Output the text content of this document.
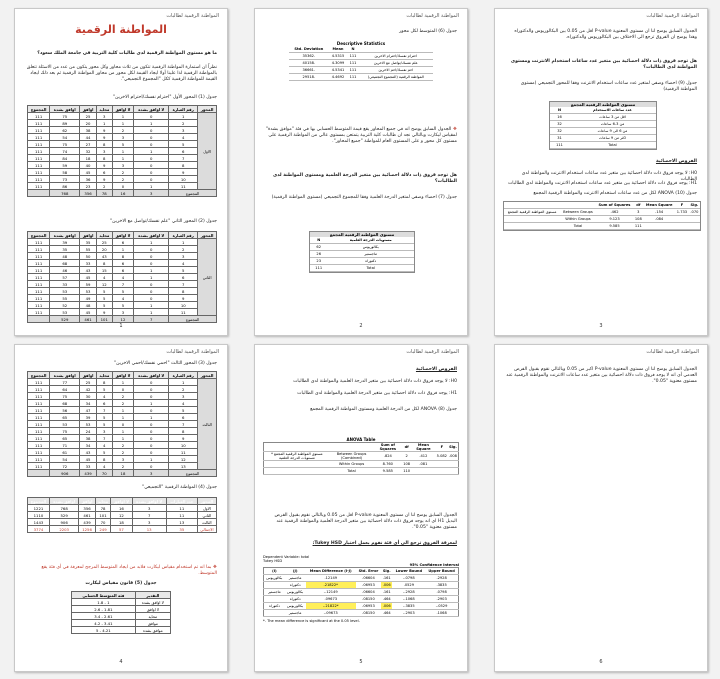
المواطنة الرقمية لطالبات
المواطنة الرقمية
ما هو مستوى المواطنة الرقمية لدى طالبات كلية التربية في جامعة الملك سعود؟
نظراً ان استمارة المواطنة الرقمية تتكون من ثلاث محاور وكل محور يتكون من عدد من الاسئلة تتعلق بالمواطنة الرقمية لذا علينا أولا ايجاد القيمة لكل محور من محاور المواطنة الرقمية ثم بعد ذلك ايجاد القيمة للمواطنة الرقمية ككل "المجموع التجميعي".
جدول (1) المحور الأول "احترام نفسك/احترام الاخرين"
المحور	رقم العبارة	لا اوافق بشدة	لا اوافق	محايد	اوافق	اوافق بشدة	المجموع
الاول	1	0	1	3	25	75	111
	2	1	1	1	20	89	111
	3	0	2	9	38	62	111
	4	0	3	9	44	54	111
	5	0	5	8	27	75	111
	6	1	1	3	32	74	111
	7	0	1	8	18	84	111
	8	0	3	9	40	59	111
	9	0	2	6	45	58	111
	10	0	2	9	36	73	111
	11	1	0	2	23	86	111
المجموع		3	16	78	356	768	
جدول (2) المحور الثاني "علم نفسك/تواصل مع الاخرين"
المحور	رقم العبارة	لا اوافق بشدة	لا اوافق	محايد	اوافق	اوافق بشدة	المجموع
الثاني	1	1	6	25	35	39	111
	2	0	1	20	55	35	111
	3	0	8	43	50	48	111
	4	0	6	8	33	68	111
	5	1	6	15	43	46	111
	6	1	4	4	45	57	111
	7	0	7	12	59	33	111
	8	0	5	5	53	53	111
	9	0	4	5	49	55	111
	10	1	5	5	48	52	111
	11	1	3	9	45	53	111
المجموع		7	12	101	461	529	
1
المواطنة الرقمية لطالبات
جدول (6) المتوسط لكل محور
Descriptive Statistics
	N	Mean	Std. Deviation
احترام نفسك/احترام الاخرين	111	4.5315	.35362
علم نفسك/تواصل مع الاخرين	111	4.3099	.40158
احم نفسك/احم الاخرين	111	4.5341	.36661
المواطنة الرقمية (المجموع التجميعي)	111	4.4692	.29518
❖ الجدول السابق يوضح انه في جميع المحاور يقع قيمة المتوسط الحسابي بها في فئة "موافق بشدة" لمقياس ليكارت وبالتالي نجد ان طالبات كلية التربية يتمتعن بمستوى عالي من المواطنة الرقمية على مستوى كل محور و على المستوى العام للمواطنة "جميع المحاور".
هل توجد فروق ذات دلالة احصائية بين متغير الدرجة العلمية ومستوى المواطنة لدى الطالبات؟
جدول (7) احصاء وصفي لمتغير الدرجة العلمية وفقا للمجموع التجميعي (مستوى المواطنة الرقمية)
مستوى المواطنة الرقمية المجمع
مستويات الدرجة العلمية	N
بكالوريوس	62
ماجستير	26
دكتوراه	23
Total	111
2
المواطنة الرقمية لطالبات
الجدول السابق يوضح لنا ان مستوى المعنوية P-value اقل من 0.05 بين البكالوريوس والدكتوراه وهذا يوضح ان الفروق ترجع الى الاختلاف بين البكالوريوس والدكتوراه.
هل توجد فروق ذات دلالة احصائية بين متغير عدد ساعات استخدام الانترنت ومستوى المواطنة لدى الطالبات؟
جدول (9) احصاء وصفي لمتغير عدد ساعات استخدام الانترنت وفقا للمحور التجميعي (مستوى المواطنة الرقمية)
مستوى المواطنة الرقمية المجمع
عدد ساعات الاستخدام	N
اقل من 3 ساعات	16
من 3-6 ساعات	32
من 6 الى 9 ساعات	32
اكثر من 9 ساعات	31
Total	111
الفروض الاحصائية
H0: لا يوجد فروق ذات دلالة احصائية بين متغير عدد ساعات استخدام الانترنت والمواطنة لدى الطالبات
H1: يوجد فروق ذات دلالة احصائية بين متغير عدد ساعات استخدام الانترنت والمواطنة لدى الطالبات
جدول (10) ANOVA لكل من عدد ساعات استخدام الانترنت والمواطنة الرقمية المجمع
		Sum of Squares	df	Mean Square	F	Sig.
مستوى المواطنة الرقمية المجمع	Between Groups	.462	3	.154	1.733	.070
	Within Groups	9.123	108	.084		
	Total	9.585	111			
3
المواطنة الرقمية لطالبات
جدول (3) المحور الثالث "احمي نفسك/احمي الاخرين"
المحور	رقم العبارة	لا اوافق بشدة	لا اوافق	محايد	اوافق	اوافق بشدة	المجموع
الثالث	1	0	1	8	25	77	111
	2	0	0	5	42	64	111
	3	0	2	4	30	75	111
	4	1	2	6	34	68	111
	5	0	1	7	47	56	111
	6	1	1	5	39	65	111
	7	0	0	5	53	53	111
	8	0	1	3	24	75	111
	9	0	1	7	38	65	111
	10	0	2	4	34	71	111
	11	0	2	5	43	61	111
	12	1	3	8	45	54	111
	13	0	2	4	33	72	111
المجموع		3	18	70	439	906	
جدول (4) المواطنة الرقمية "التجميعي"
المحور	عدد العبارات	لا اوافق بشدة	لا اوافق	محايد	اوافق	اوافق بشدة	المجموع
الاول	11	3	16	78	356	768	1221
الثاني	11	7	12	101	461	529	1110
الثالث	13	3	18	70	439	906	1443
الاجمالي	35	13	57	249	1256	2203	3774
❖ بما انه تم استخدام مقياس ليكارت فلابد من ايجاد المتوسط المرجح لمعرفة في أي فئة يقع المتوسط.
جدول (5) قانون مقياس ليكارت
التقدير	فئة المتوسط الحسابي
لا اوافق بشدة	1 - 1.8
لا اوافق	1.81 - 2.6
محايد	2.61 - 3.4
موافق	3.41 - 4.2
موافق بشدة	4.21 - 5
4
المواطنة الرقمية لطالبات
الفروض الاحصائية
H0: لا يوجد فروق ذات دلالة احصائية بين متغير الدرجة العلمية والمواطنة لدى الطالبات
H1: يوجد فروق ذات دلالة احصائية بين متغير الدرجة العلمية والمواطنة لدى الطالبات
جدول (8) ANOVA لكل من الدرجة العلمية ومستوى المواطنة الرقمية المجمع
ANOVA Table
		Sum of Squares	df	Mean Square	F	Sig.
مستوى المواطنة الرقمية المجمع * مستويات الدرجة العلمية	Between Groups (Combined)	.824	2	.412	5.082	.008
	Within Groups	8.760	108	.081		
	Total	9.585	110			
الجدول السابق يوضح لنا ان مستوى المعنوية P-value اقل من 0.05 وبالتالي نقوم بقبول الفرض البديل H1 اي انه يوجد فروق ذات دلالة احصائية بين متغير الدرجة العلمية والمواطنة الرقمية عند مستوى معنوية "0.05".
لمعرفة الفروق ترجع الى أي فئة نقوم بعمل اختبار Tukey HSD:
Dependent Variable: total
Tukey HSD
95% Confidence Interval
(I)	(J)	Mean Difference (I-J)	Std. Error	Sig.	Lower Bound	Upper Bound
بكالوريوس	ماجستير	.12149	.06604	.161	-.0798	.2928
	دكتوراه	.21822*	.06953	.006	.0529	.3835
ماجستير	بكالوريوس	-.12149	.06604	.161	-.2928	.0798
	دكتوراه	.09673	.08150	.464	-.1068	.2903
دكتوراه	بكالوريوس	-.21822*	.06953	.006	-.3835	-.0529
	ماجستير	-.09673	.08150	.464	-.2903	.1068
*. The mean difference is significant at the 0.05 level.
5
المواطنة الرقمية لطالبات
الجدول السابق يوضح لنا ان مستوى المعنوية P-value اكبر من 0.05 وبالتالي نقوم بقبول الفرض العدمي أي انه لا يوجد فروق ذات دلالة احصائية بين متغير عدد ساعات الانترنت والمواطنة الرقمية عند مستوى معنوية "0.05".
6
